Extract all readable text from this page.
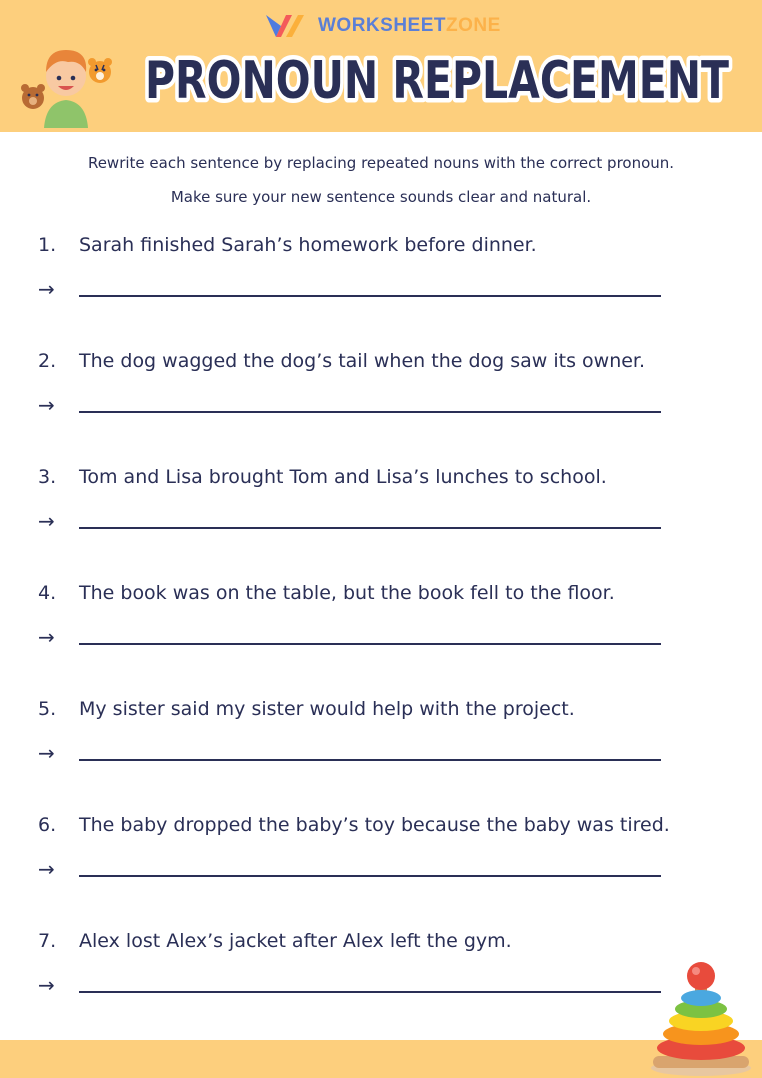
WORKSHEETZONE
PRONOUN REPLACEMENT
Rewrite each sentence by replacing repeated nouns with the correct pronoun.
Make sure your new sentence sounds clear and natural.
1. Sarah finished Sarah’s homework before dinner.
→
2. The dog wagged the dog’s tail when the dog saw its owner.
→
3. Tom and Lisa brought Tom and Lisa’s lunches to school.
→
4. The book was on the table, but the book fell to the floor.
→
5. My sister said my sister would help with the project.
→
6. The baby dropped the baby’s toy because the baby was tired.
→
7. Alex lost Alex’s jacket after Alex left the gym.
→
